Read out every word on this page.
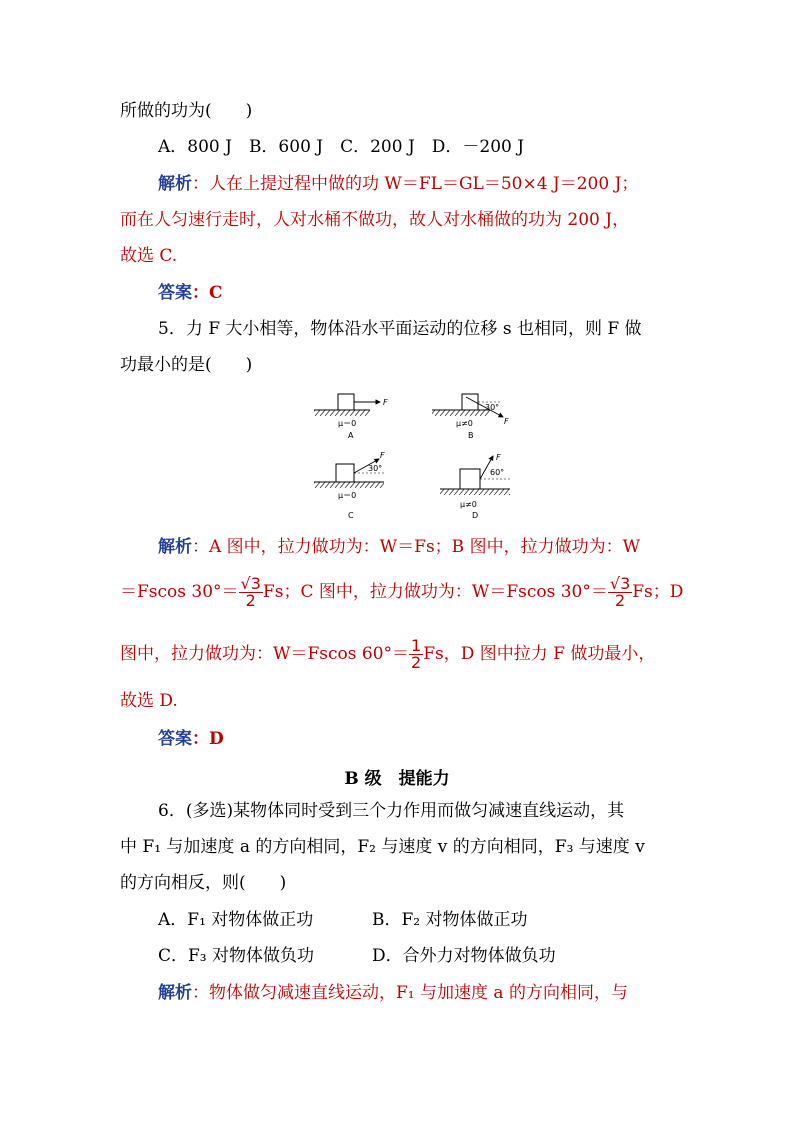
所做的功为(　　)
A．800 J　B．600 J　C．200 J　D．－200 J
解析：人在上提过程中做的功 W＝FL＝GL＝50×4 J＝200 J；
而在人匀速行走时，人对水桶不做功，故人对水桶做的功为 200 J，
故选 C.
答案：C
5．力 F 大小相等，物体沿水平面运动的位移 s 也相同，则 F 做
功最小的是(　　)
F
μ＝0
A
30°
F
μ≠0
B
30°
F
μ＝0
C
60°
F
μ≠0
D
解析：A 图中，拉力做功为：W＝Fs；B 图中，拉力做功为：W
＝Fscos $30^\circ= \frac{√3}{2}$ Fs；C 图中，拉力做功为：W＝Fscos $30^\circ= \frac{√3}{2}$ Fs；D
图中，拉力做功为：W＝Fscos $60^\circ= \frac{1}{2}$ Fs，D 图中拉力 F 做功最小，
故选 D.
答案：D
B 级　提能力
6．(多选)某物体同时受到三个力作用而做匀减速直线运动，其
中 F₁ 与加速度 a 的方向相同，F₂ 与速度 v 的方向相同，F₃ 与速度 v
的方向相反，则(　　)
A．F₁ 对物体做正功	B．F₂ 对物体做正功
C．F₃ 对物体做负功	D．合外力对物体做负功
解析：物体做匀减速直线运动，F₁ 与加速度 a 的方向相同，与
